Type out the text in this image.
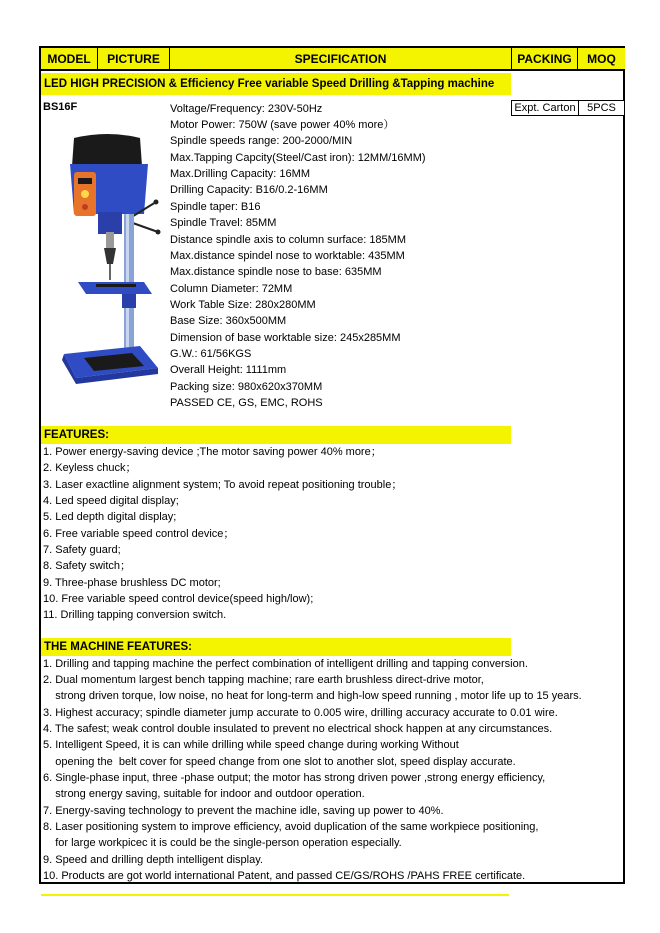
MODEL	PICTURE	SPECIFICATION	PACKING	MOQ
LED HIGH PRECISION & Efficiency Free variable Speed Drilling &Tapping machine
BS16F	Expt. Carton	5PCS
Voltage/Frequency: 230V-50Hz
Motor Power: 750W (save power 40% more）
Spindle speeds range: 200-2000/MIN
Max.Tapping Capcity(Steel/Cast iron): 12MM/16MM)
Max.Drilling Capacity: 16MM
Drilling Capacity: B16/0.2-16MM
Spindle taper: B16
Spindle Travel: 85MM
Distance spindle axis to column surface: 185MM
Max.distance spindel nose to worktable: 435MM
Max.distance spindle nose to base: 635MM
Column Diameter: 72MM
Work Table Size: 280x280MM
Base Size: 360x500MM
Dimension of base worktable size: 245x285MM
G.W.: 61/56KGS
Overall Height: 1111mm
Packing size: 980x620x370MM
PASSED CE, GS, EMC, ROHS
FEATURES:
1. Power energy-saving device ;The motor saving power 40% more；
2. Keyless chuck；
3. Laser exactline alignment system; To avoid repeat positioning trouble；
4. Led speed digital display;
5. Led depth digital display;
6. Free variable speed control device；
7. Safety guard;
8. Safety switch；
9. Three-phase brushless DC motor;
10. Free variable speed control device(speed high/low);
11. Drilling tapping conversion switch.
THE MACHINE FEATURES:
1. Drilling and tapping machine the perfect combination of intelligent drilling and tapping conversion.
2. Dual momentum largest bench tapping machine; rare earth brushless direct-drive motor,
strong driven torque, low noise, no heat for long-term and high-low speed running , motor life up to 15 years.
3. Highest accuracy; spindle diameter jump accurate to 0.005 wire, drilling accuracy accurate to 0.01 wire.
4. The safest; weak control double insulated to prevent no electrical shock happen at any circumstances.
5. Intelligent Speed, it is can while drilling while speed change during working Without
opening the  belt cover for speed change from one slot to another slot, speed display accurate.
6. Single-phase input, three -phase output; the motor has strong driven power ,strong energy efficiency,
strong energy saving, suitable for indoor and outdoor operation.
7. Energy-saving technology to prevent the machine idle, saving up power to 40%.
8. Laser positioning system to improve efficiency, avoid duplication of the same workpiece positioning,
for large workpicec it is could be the single-person operation especially.
9. Speed and drilling depth intelligent display.
10. Products are got world international Patent, and passed CE/GS/ROHS /PAHS FREE certificate.
